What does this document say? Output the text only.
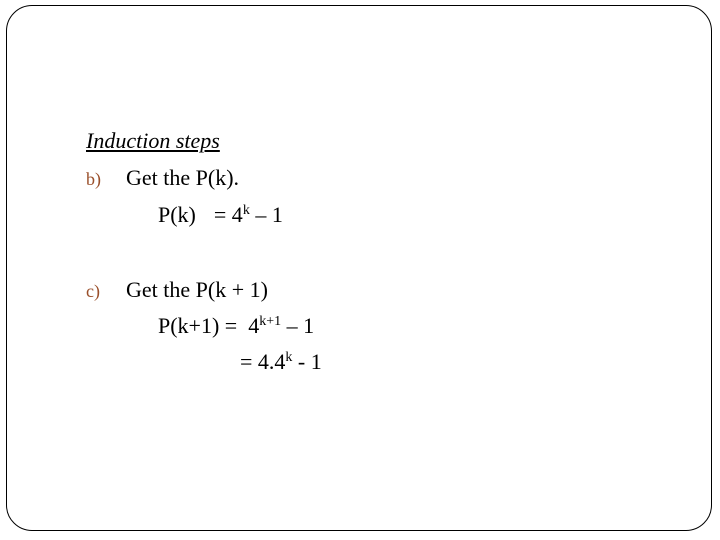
Induction steps
b) Get the P(k).
$P(k) = 4^k - 1$
c) Get the P(k + 1)
$P(k+1) = 4^{k+1} - 1$
= $4.4^k - 1$
